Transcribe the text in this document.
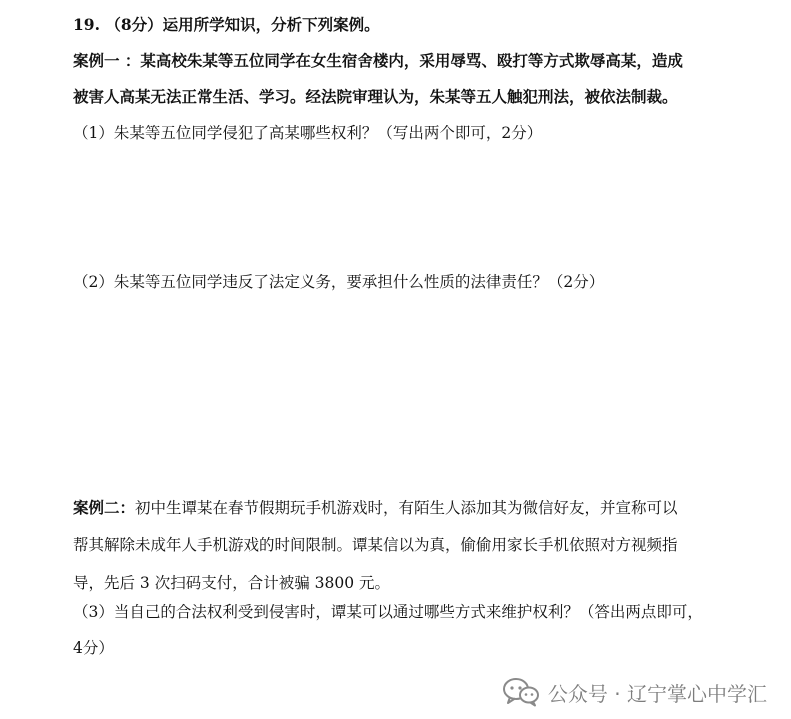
19. （8分）运用所学知识，分析下列案例。
案例一 ：某高校朱某等五位同学在女生宿舍楼内，采用辱骂、殴打等方式欺辱高某，造成
被害人高某无法正常生活、学习。经法院审理认为，朱某等五人触犯刑法，被依法制裁。
（1）朱某等五位同学侵犯了高某哪些权利？（写出两个即可，2分）
（2）朱某等五位同学违反了法定义务，要承担什么性质的法律责任？（2分）
案例二：初中生谭某在春节假期玩手机游戏时，有陌生人添加其为微信好友，并宣称可以
帮其解除未成年人手机游戏的时间限制。谭某信以为真，偷偷用家长手机依照对方视频指
导，先后 3 次扫码支付，合计被骗 3800 元。
（3）当自己的合法权利受到侵害时，谭某可以通过哪些方式来维护权利？（答出两点即可，
4分）
公众号 · 辽宁掌心中学汇
